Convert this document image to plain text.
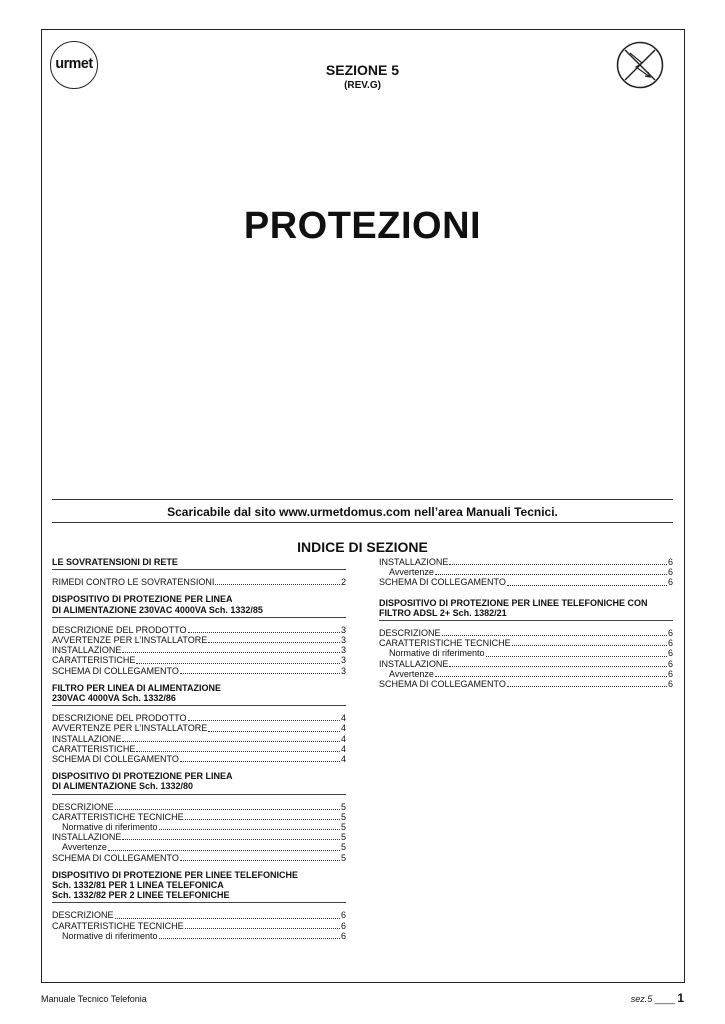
urmet	SEZIONE 5
(REV.G)
PROTEZIONI
Scaricabile dal sito www.urmetdomus.com nell’area Manuali Tecnici.
INDICE DI SEZIONE
LE SOVRATENSIONI DI RETE
RIMEDI CONTRO LE SOVRATENSIONI	2
DISPOSITIVO DI PROTEZIONE PER LINEA
DI ALIMENTAZIONE 230VAC 4000VA Sch. 1332/85
DESCRIZIONE DEL PRODOTTO	3
AVVERTENZE PER L’INSTALLATORE	3
INSTALLAZIONE	3
CARATTERISTICHE	3
SCHEMA DI COLLEGAMENTO	3
FILTRO PER LINEA DI ALIMENTAZIONE
230VAC 4000VA Sch. 1332/86
DESCRIZIONE DEL PRODOTTO	4
AVVERTENZE PER L’INSTALLATORE	4
INSTALLAZIONE	4
CARATTERISTICHE	4
SCHEMA DI COLLEGAMENTO	4
DISPOSITIVO DI PROTEZIONE PER LINEA
DI ALIMENTAZIONE Sch. 1332/80
DESCRIZIONE	5
CARATTERISTICHE TECNICHE	5
Normative di riferimento	5
INSTALLAZIONE	5
Avvertenze	5
SCHEMA DI COLLEGAMENTO	5
DISPOSITIVO DI PROTEZIONE PER LINEE TELEFONICHE
Sch. 1332/81 PER 1 LINEA TELEFONICA
Sch. 1332/82 PER 2 LINEE TELEFONICHE
DESCRIZIONE	6
CARATTERISTICHE TECNICHE	6
Normative di riferimento	6
INSTALLAZIONE	6
Avvertenze	6
SCHEMA DI COLLEGAMENTO	6
DISPOSITIVO DI PROTEZIONE PER LINEE TELEFONICHE CON
FILTRO ADSL 2+ Sch. 1382/21
DESCRIZIONE	6
CARATTERISTICHE TECNICHE	6
Normative di riferimento	6
INSTALLAZIONE	6
Avvertenze	6
SCHEMA DI COLLEGAMENTO	6
Manuale Tecnico Telefonia	sez.5 ____ 1
